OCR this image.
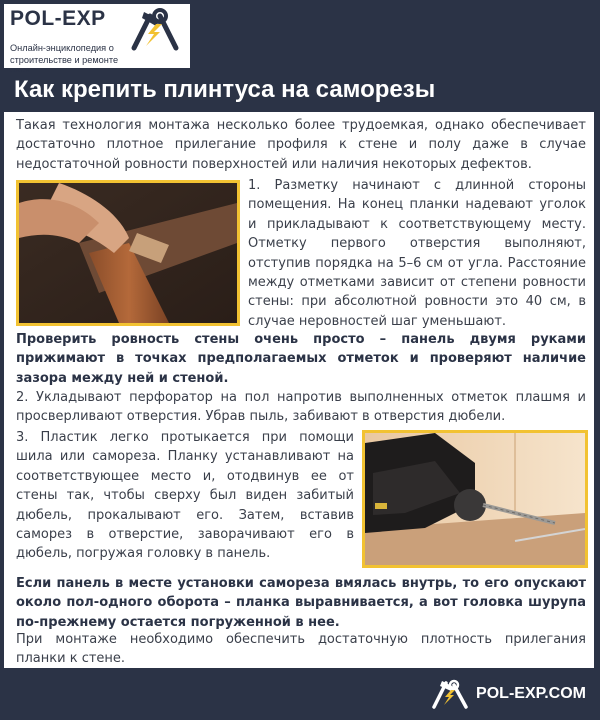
POL-EXP
Онлайн-энциклопедия о строительстве и ремонте
Как крепить плинтуса на саморезы
Такая технология монтажа несколько более трудоемкая, однако обеспечивает достаточно плотное прилегание профиля к стене и полу даже в случае недостаточной ровности поверхностей или наличия некоторых дефектов.
1. Разметку начинают с длинной стороны помещения. На конец планки надевают уголок и прикладывают к соответствующему месту. Отметку первого отверстия выполняют, отступив порядка на 5–6 см от угла. Расстояние между отметками зависит от степени ровности стены: при абсолютной ровности это 40 см, в случае неровностей шаг уменьшают.
Проверить ровность стены очень просто – панель двумя руками прижимают в точках предполагаемых отметок и проверяют наличие зазора между ней и стеной.
2. Укладывают перфоратор на пол напротив выполненных отметок плашмя и просверливают отверстия. Убрав пыль, забивают в отверстия дюбели.
3. Пластик легко протыкается при помощи шила или самореза. Планку устанавливают на соответствующее место и, отодвинув ее от стены так, чтобы сверху был виден забитый дюбель, прокалывают его. Затем, вставив саморез в отверстие, заворачивают его в дюбель, погружая головку в панель.
Если панель в месте установки самореза вмялась внутрь, то его опускают около пол-одного оборота – планка выравнивается, а вот головка шурупа по-прежнему остается погруженной в нее.
При монтаже необходимо обеспечить достаточную плотность прилегания планки к стене.
POL-EXP.COM
